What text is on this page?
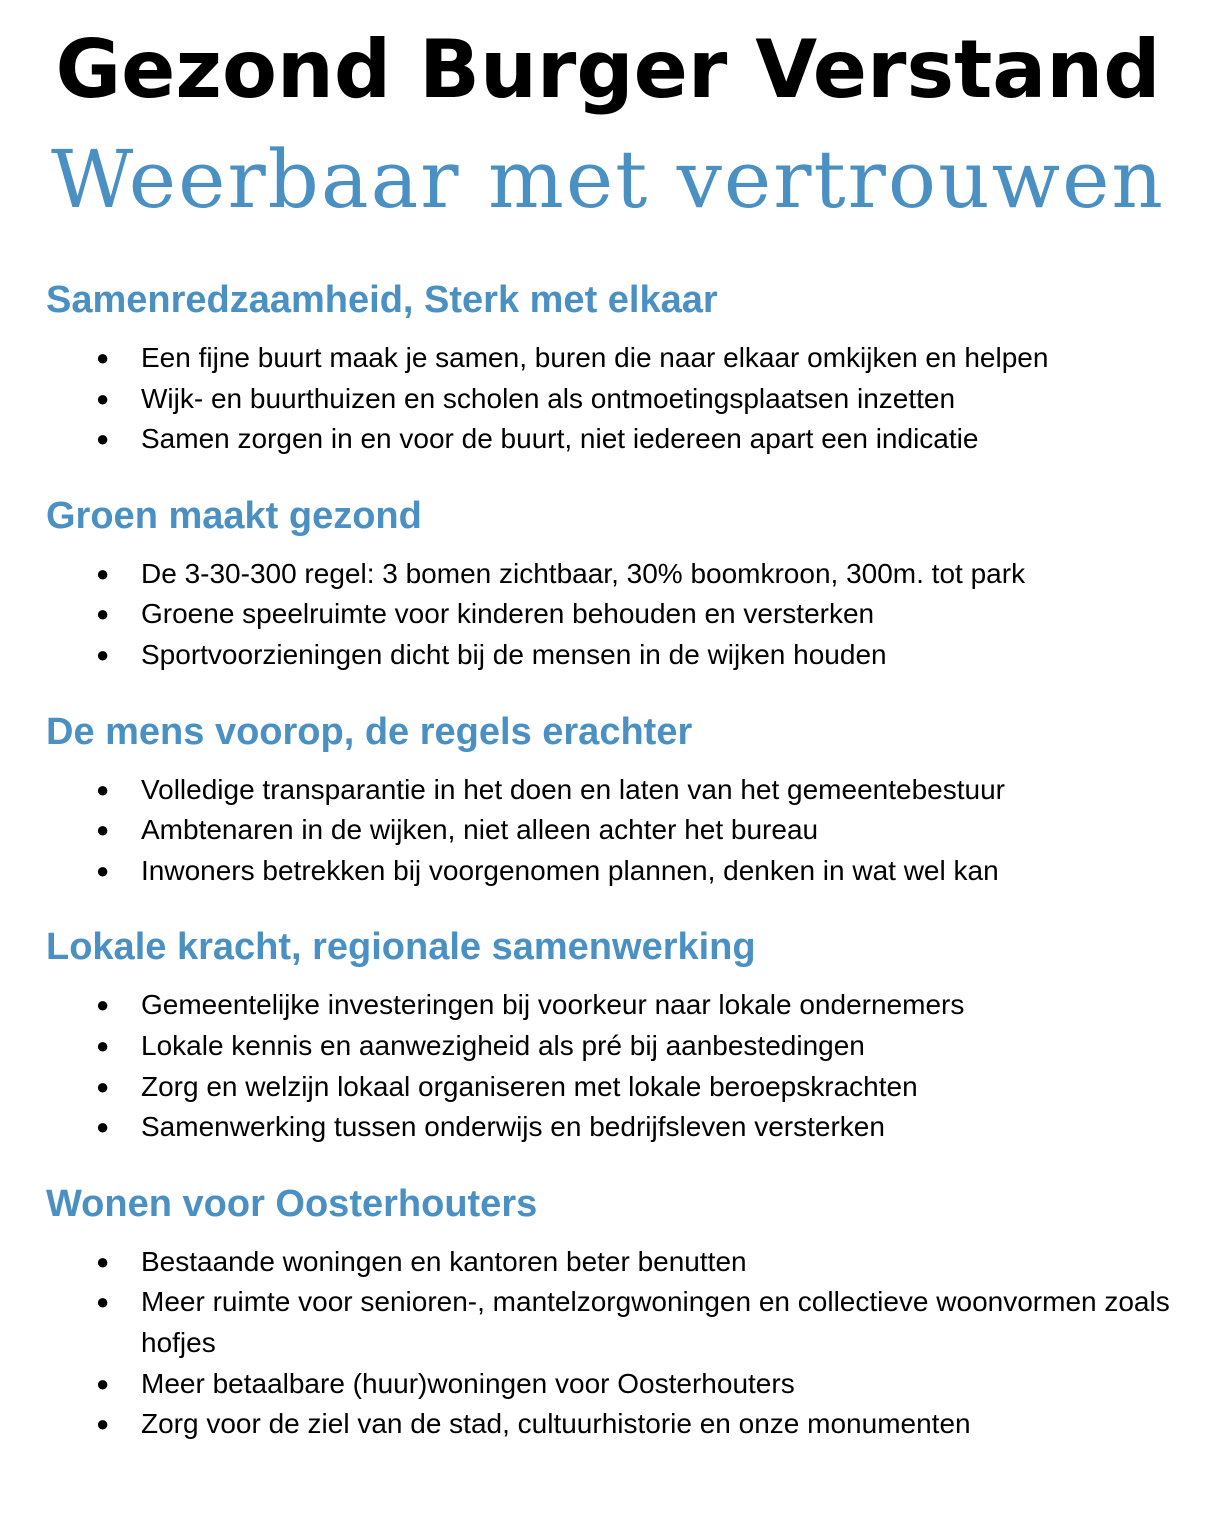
Gezond Burger Verstand
Weerbaar met vertrouwen
Samenredzaamheid, Sterk met elkaar
● Een fijne buurt maak je samen, buren die naar elkaar omkijken en helpen
● Wijk- en buurthuizen en scholen als ontmoetingsplaatsen inzetten
● Samen zorgen in en voor de buurt, niet iedereen apart een indicatie
Groen maakt gezond
● De 3-30-300 regel: 3 bomen zichtbaar, 30% boomkroon, 300m. tot park
● Groene speelruimte voor kinderen behouden en versterken
● Sportvoorzieningen dicht bij de mensen in de wijken houden
De mens voorop, de regels erachter
● Volledige transparantie in het doen en laten van het gemeentebestuur
● Ambtenaren in de wijken, niet alleen achter het bureau
● Inwoners betrekken bij voorgenomen plannen, denken in wat wel kan
Lokale kracht, regionale samenwerking
● Gemeentelijke investeringen bij voorkeur naar lokale ondernemers
● Lokale kennis en aanwezigheid als pré bij aanbestedingen
● Zorg en welzijn lokaal organiseren met lokale beroepskrachten
● Samenwerking tussen onderwijs en bedrijfsleven versterken
Wonen voor Oosterhouters
● Bestaande woningen en kantoren beter benutten
● Meer ruimte voor senioren-, mantelzorgwoningen en collectieve woonvormen zoals hofjes
● Meer betaalbare (huur)woningen voor Oosterhouters
● Zorg voor de ziel van de stad, cultuurhistorie en onze monumenten
